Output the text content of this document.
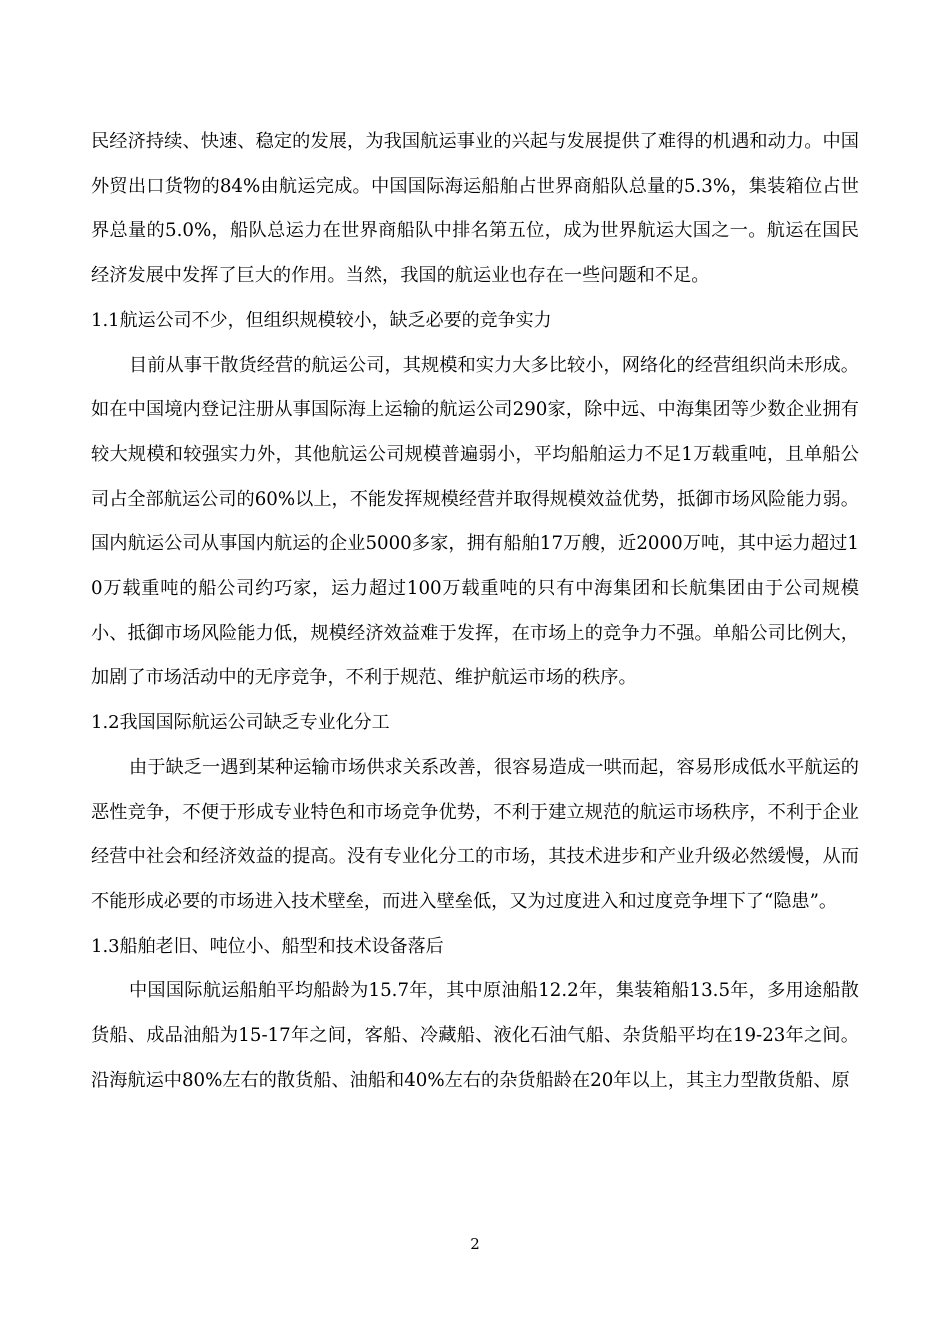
民经济持续、快速、稳定的发展，为我国航运事业的兴起与发展提供了难得的机遇和动力。中国外贸出口货物的84%由航运完成。中国国际海运船舶占世界商船队总量的5.3%，集装箱位占世界总量的5.0%，船队总运力在世界商船队中排名第五位，成为世界航运大国之一。航运在国民经济发展中发挥了巨大的作用。当然，我国的航运业也存在一些问题和不足。

1.1航运公司不少，但组织规模较小，缺乏必要的竞争实力

目前从事干散货经营的航运公司，其规模和实力大多比较小，网络化的经营组织尚未形成。如在中国境内登记注册从事国际海上运输的航运公司290家，除中远、中海集团等少数企业拥有较大规模和较强实力外，其他航运公司规模普遍弱小，平均船舶运力不足1万载重吨，且单船公司占全部航运公司的60%以上，不能发挥规模经营并取得规模效益优势，抵御市场风险能力弱。国内航运公司从事国内航运的企业5000多家，拥有船舶17万艘，近2000万吨，其中运力超过10万载重吨的船公司约巧家，运力超过100万载重吨的只有中海集团和长航集团由于公司规模小、抵御市场风险能力低，规模经济效益难于发挥，在市场上的竞争力不强。单船公司比例大，加剧了市场活动中的无序竞争，不利于规范、维护航运市场的秩序。

1.2我国国际航运公司缺乏专业化分工

由于缺乏一遇到某种运输市场供求关系改善，很容易造成一哄而起，容易形成低水平航运的恶性竞争，不便于形成专业特色和市场竞争优势，不利于建立规范的航运市场秩序，不利于企业经营中社会和经济效益的提高。没有专业化分工的市场，其技术进步和产业升级必然缓慢，从而不能形成必要的市场进入技术壁垒，而进入壁垒低，又为过度进入和过度竞争埋下了“隐患”。

1.3船舶老旧、吨位小、船型和技术设备落后

中国国际航运船舶平均船龄为15.7年，其中原油船12.2年，集装箱船13.5年，多用途船散货船、成品油船为15-17年之间，客船、冷藏船、液化石油气船、杂货船平均在19-23年之间。沿海航运中80%左右的散货船、油船和40%左右的杂货船龄在20年以上，其主力型散货船、原

2
